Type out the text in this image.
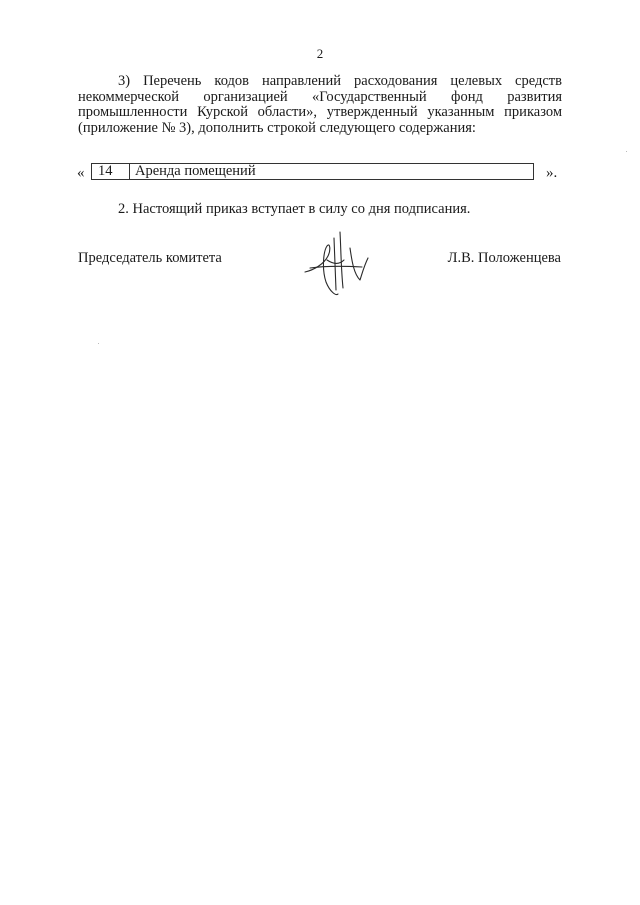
2

3) Перечень кодов направлений расходования целевых средств некоммерческой организацией «Государственный фонд развития промышленности Курской области», утвержденный указанным приказом (приложение № 3), дополнить строкой следующего содержания:

« 14	Аренда помещений	».

2. Настоящий приказ вступает в силу со дня подписания.

Председатель комитета	Л.В. Положенцева
